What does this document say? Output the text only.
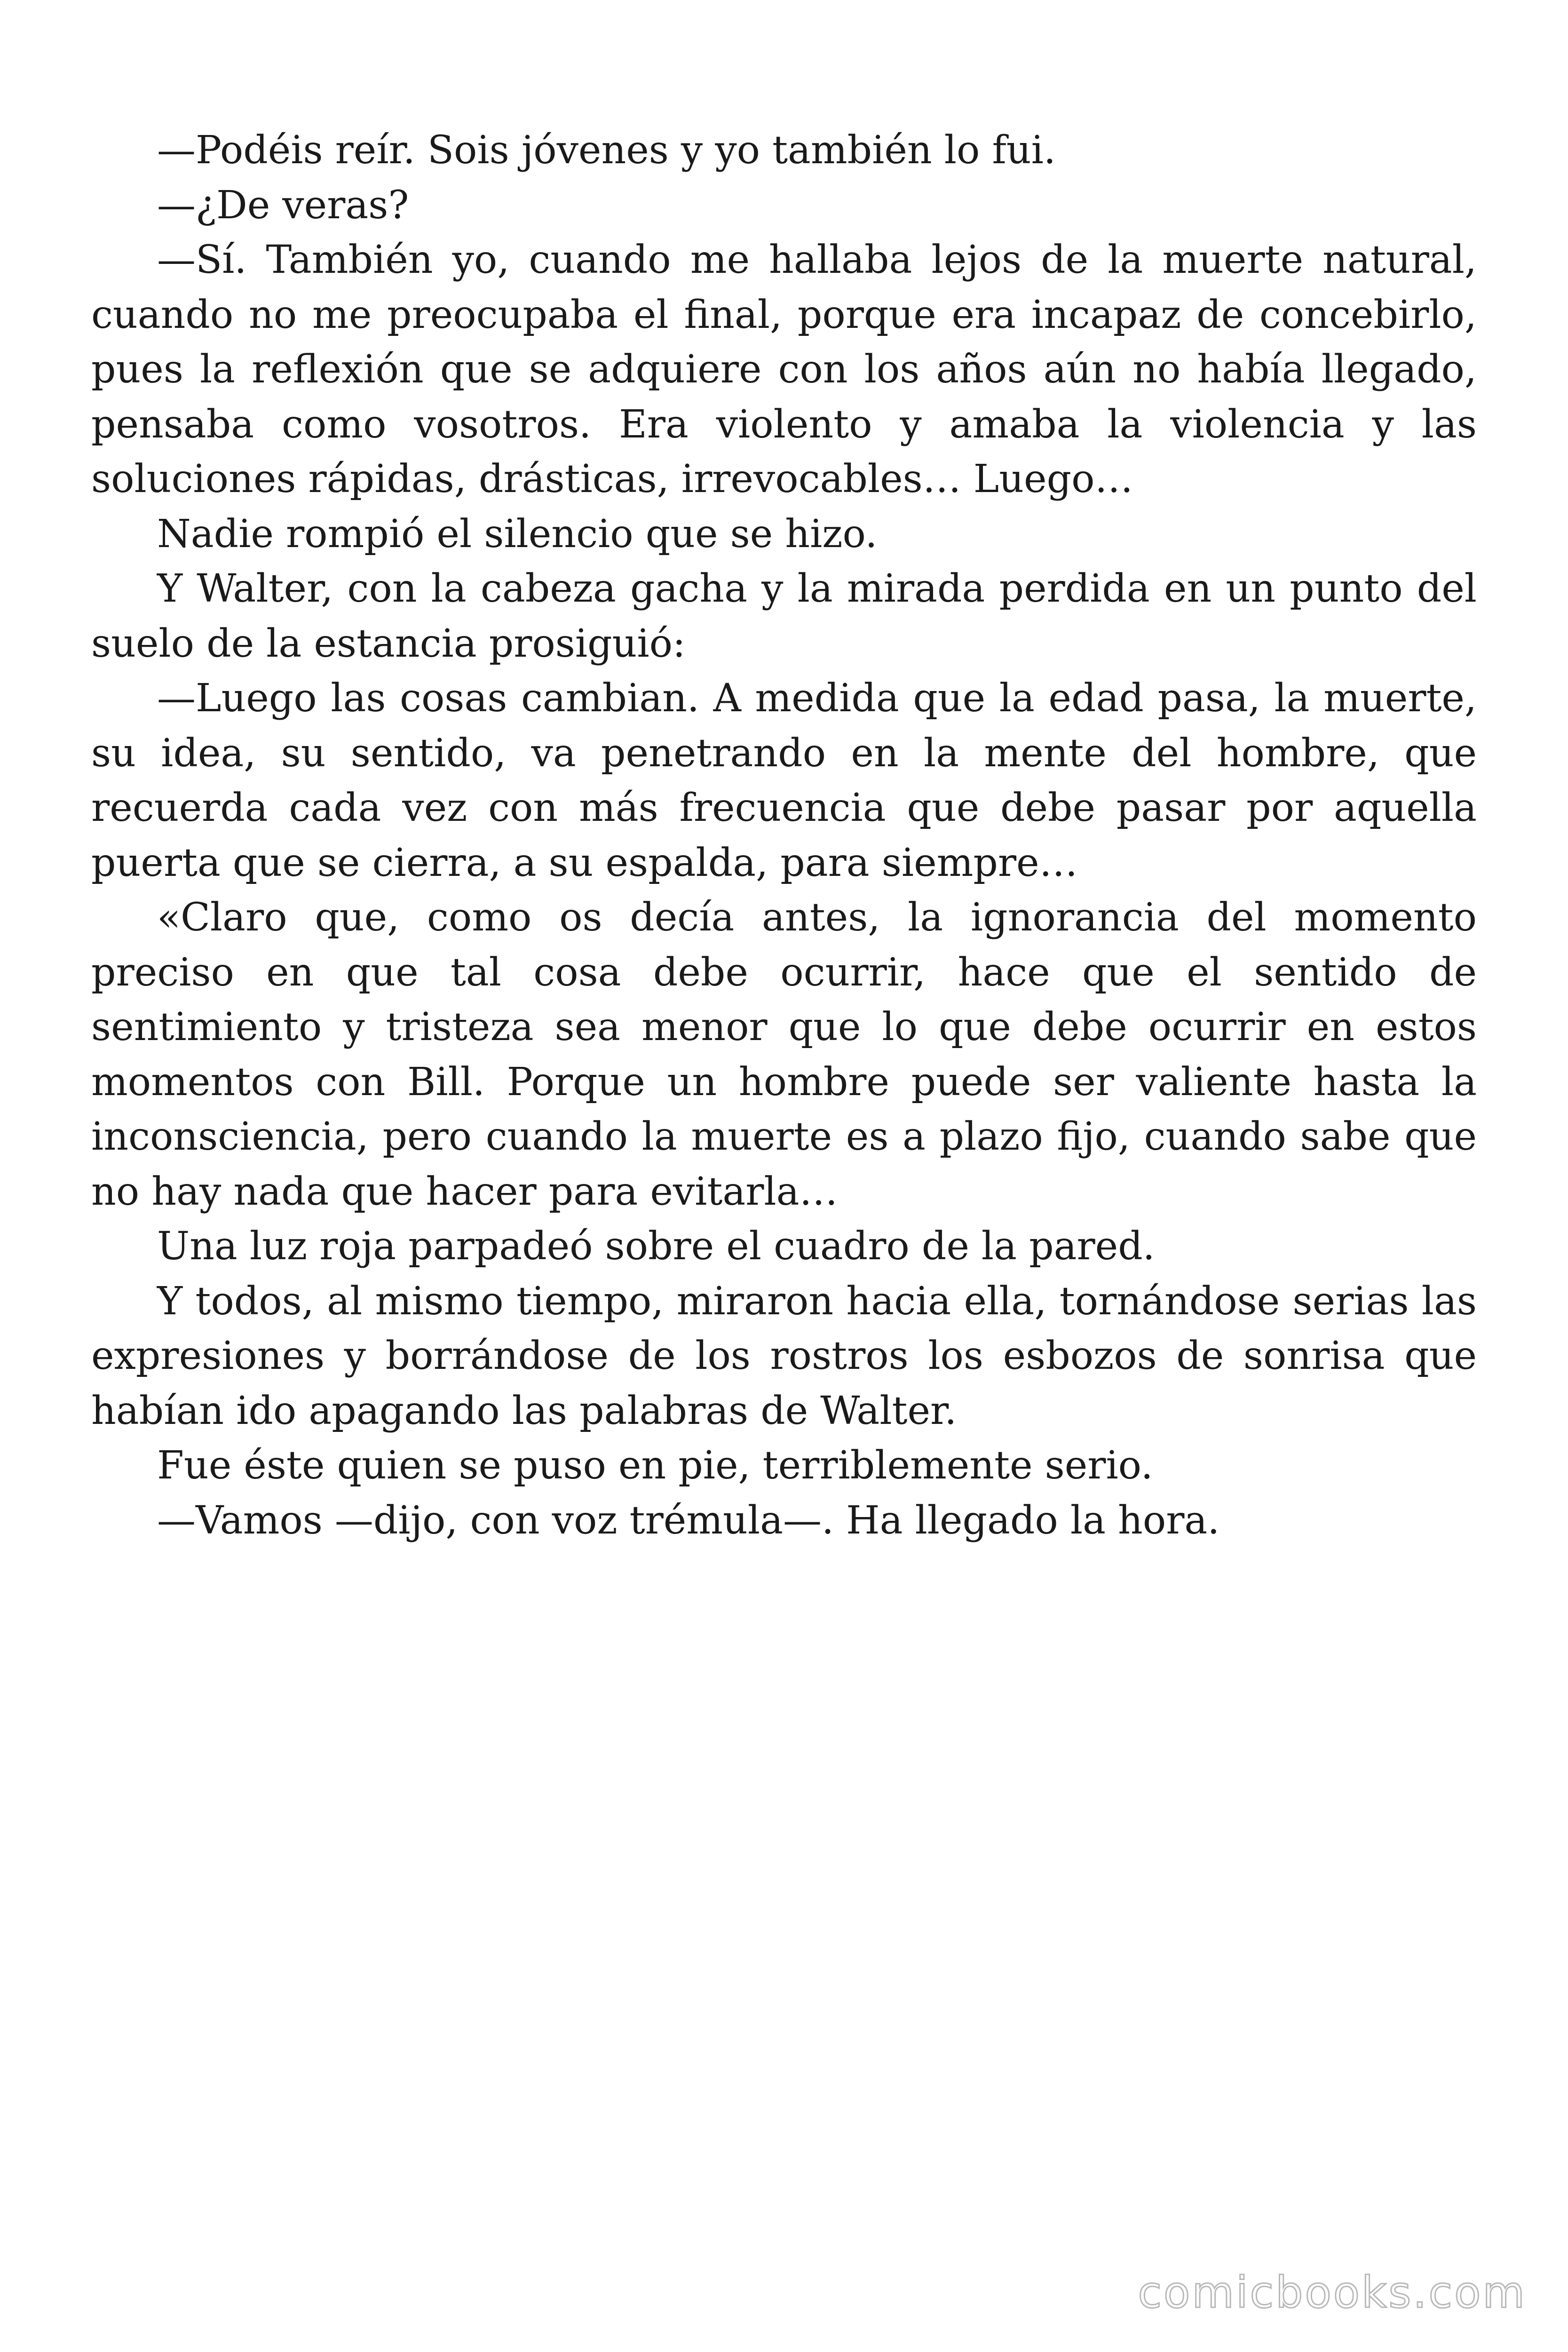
—Podéis reír. Sois jóvenes y yo también lo fui.

—¿De veras?

—Sí. También yo, cuando me hallaba lejos de la muerte natural, cuando no me preocupaba el final, porque era incapaz de concebirlo, pues la reflexión que se adquiere con los años aún no había llegado, pensaba como vosotros. Era violento y amaba la violencia y las soluciones rápidas, drásticas, irrevocables… Luego…

Nadie rompió el silencio que se hizo.

Y Walter, con la cabeza gacha y la mirada perdida en un punto del suelo de la estancia prosiguió:

—Luego las cosas cambian. A medida que la edad pasa, la muerte, su idea, su sentido, va penetrando en la mente del hombre, que recuerda cada vez con más frecuencia que debe pasar por aquella puerta que se cierra, a su espalda, para siempre…

«Claro que, como os decía antes, la ignorancia del momento preciso en que tal cosa debe ocurrir, hace que el sentido de sentimiento y tristeza sea menor que lo que debe ocurrir en estos momentos con Bill. Porque un hombre puede ser valiente hasta la inconsciencia, pero cuando la muerte es a plazo fijo, cuando sabe que no hay nada que hacer para evitarla…

Una luz roja parpadeó sobre el cuadro de la pared.

Y todos, al mismo tiempo, miraron hacia ella, tornándose serias las expresiones y borrándose de los rostros los esbozos de sonrisa que habían ido apagando las palabras de Walter.

Fue éste quien se puso en pie, terriblemente serio.

—Vamos —dijo, con voz trémula—. Ha llegado la hora.

comicbooks.com
